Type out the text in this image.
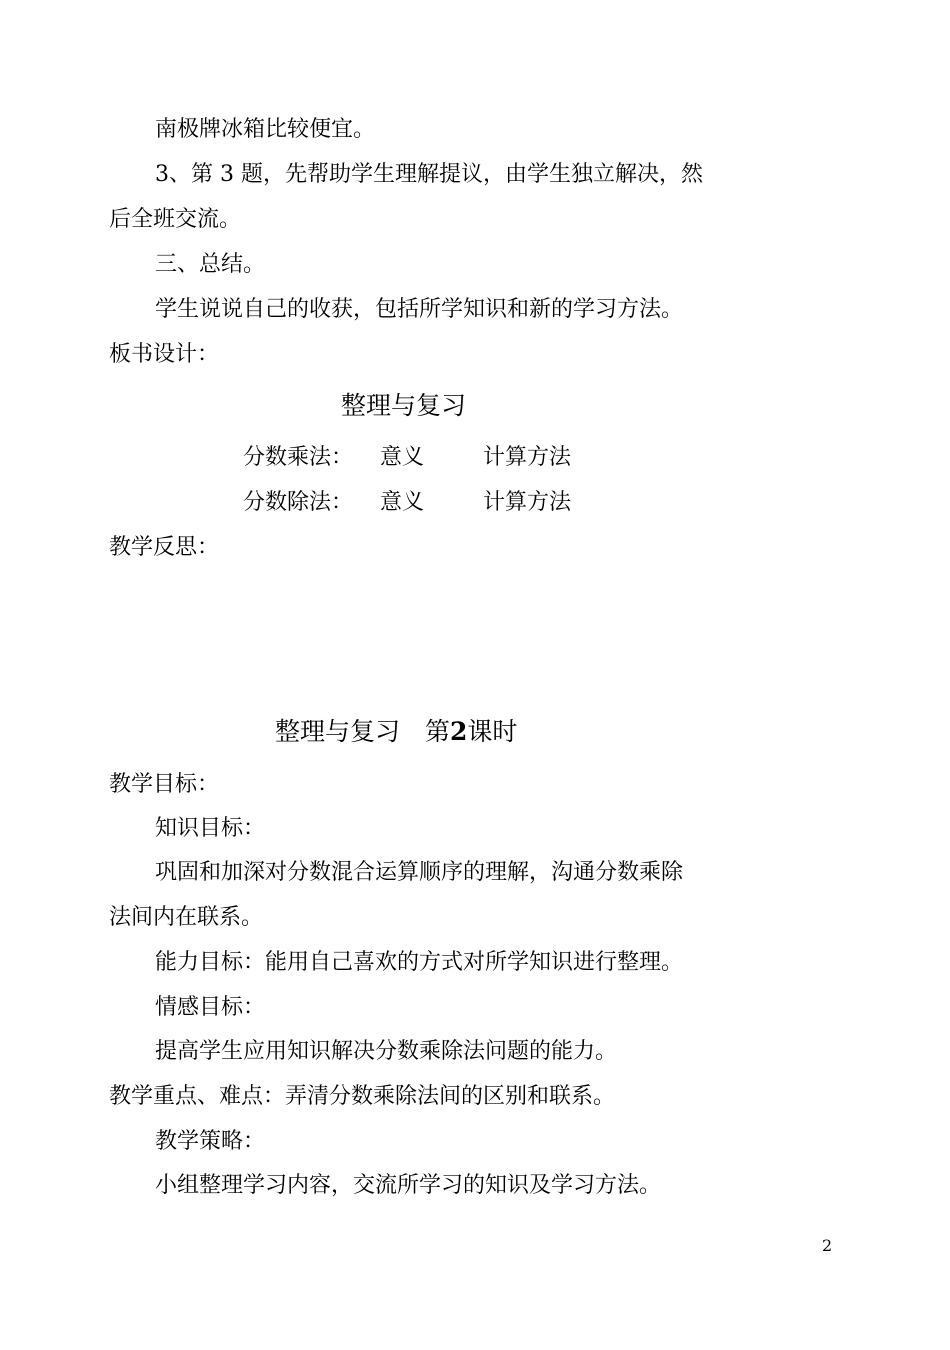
南极牌冰箱比较便宜。
3、第 3 题，先帮助学生理解提议，由学生独立解决，然
后全班交流。
三、总结。
学生说说自己的收获，包括所学知识和新的学习方法。
板书设计：
整理与复习
分数乘法： 意义	计算方法
分数除法： 意义	计算方法
教学反思：
整理与复习　第2课时
教学目标：
知识目标：
巩固和加深对分数混合运算顺序的理解，沟通分数乘除
法间内在联系。
能力目标：能用自己喜欢的方式对所学知识进行整理。
情感目标：
提高学生应用知识解决分数乘除法问题的能力。
教学重点、难点：弄清分数乘除法间的区别和联系。
教学策略：
小组整理学习内容，交流所学习的知识及学习方法。
2
